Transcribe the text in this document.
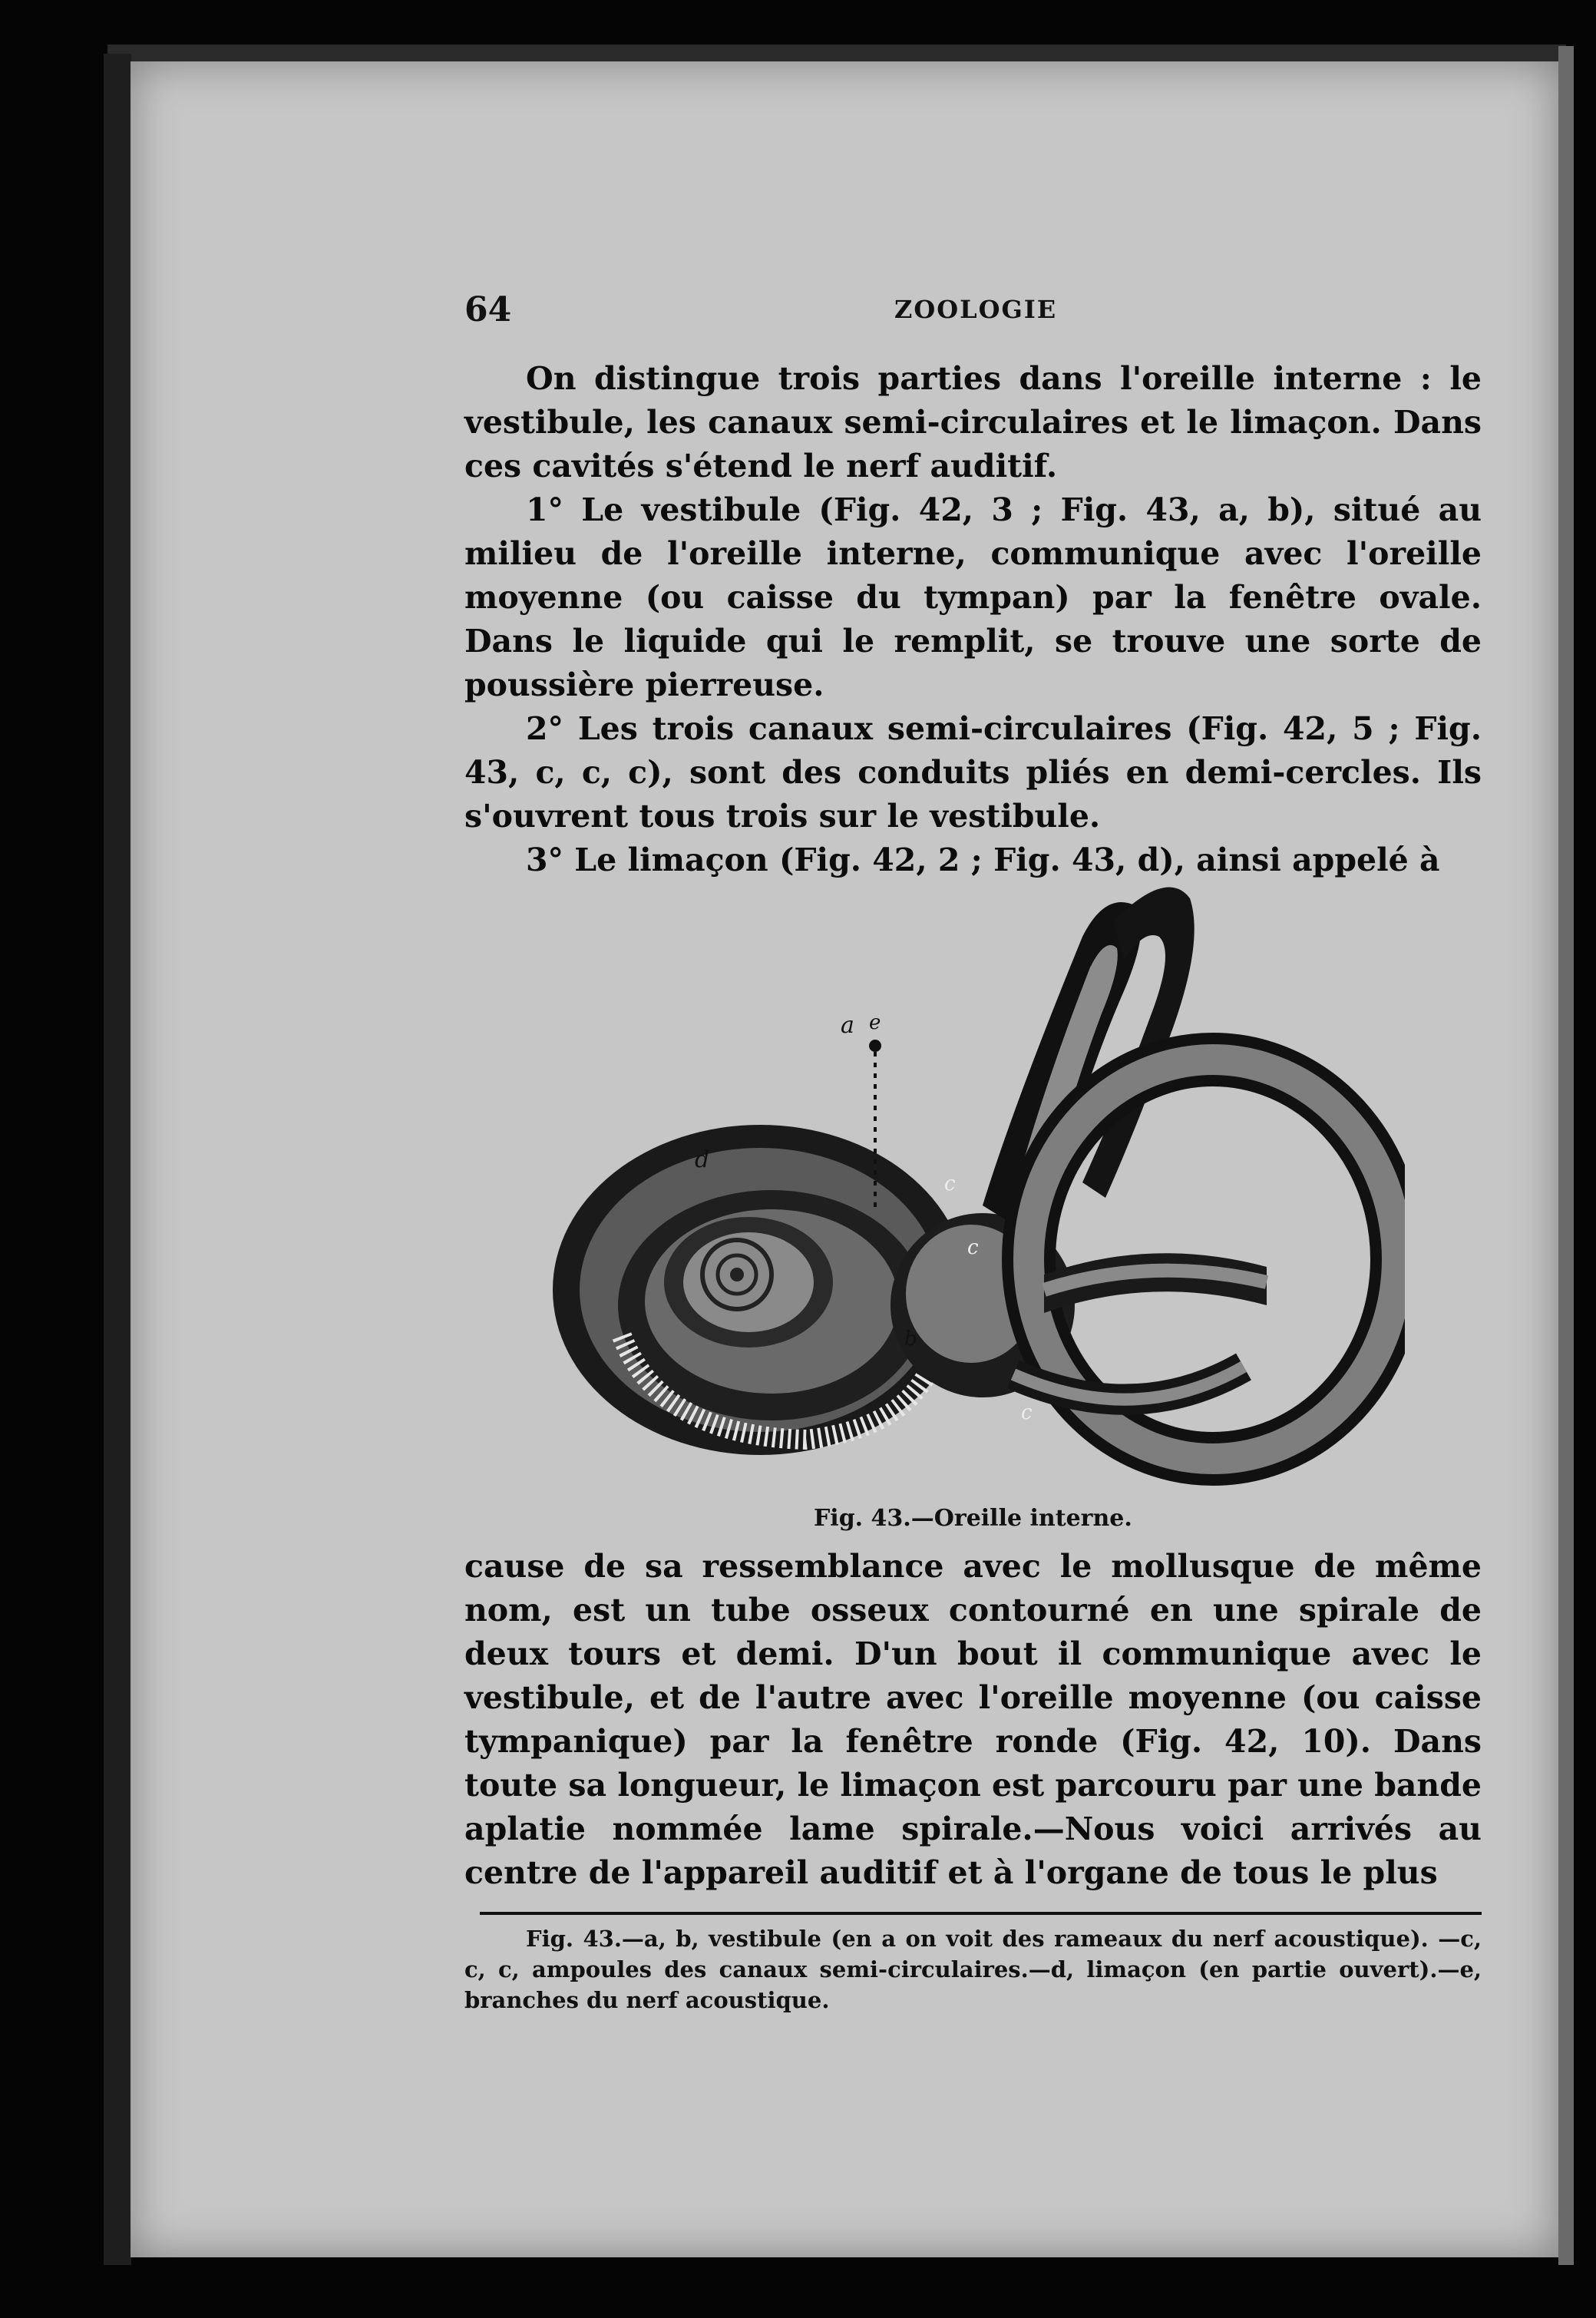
64	ZOOLOGIE

On distingue trois parties dans l'oreille interne : le vestibule, les canaux semi-circulaires et le limaçon. Dans ces cavités s'étend le nerf auditif.

1° Le vestibule (Fig. 42, 3 ; Fig. 43, a, b), situé au milieu de l'oreille interne, communique avec l'oreille moyenne (ou caisse du tympan) par la fenêtre ovale. Dans le liquide qui le remplit, se trouve une sorte de poussière pierreuse.

2° Les trois canaux semi-circulaires (Fig. 42, 5 ; Fig. 43, c, c, c), sont des conduits pliés en demi-cercles. Ils s'ouvrent tous trois sur le vestibule.

3° Le limaçon (Fig. 42, 2 ; Fig. 43, d), ainsi appelé à

a
b
c
c
c
d
e
Fig. 43.—Oreille interne.

cause de sa ressemblance avec le mollusque de même nom, est un tube osseux contourné en une spirale de deux tours et demi. D'un bout il communique avec le vestibule, et de l'autre avec l'oreille moyenne (ou caisse tympanique) par la fenêtre ronde (Fig. 42, 10). Dans toute sa longueur, le limaçon est parcouru par une bande aplatie nommée lame spirale.—Nous voici arrivés au centre de l'appareil auditif et à l'organe de tous le plus

Fig. 43.—a, b, vestibule (en a on voit des rameaux du nerf acoustique). —c, c, c, ampoules des canaux semi-circulaires.—d, limaçon (en partie ouvert).—e, branches du nerf acoustique.
